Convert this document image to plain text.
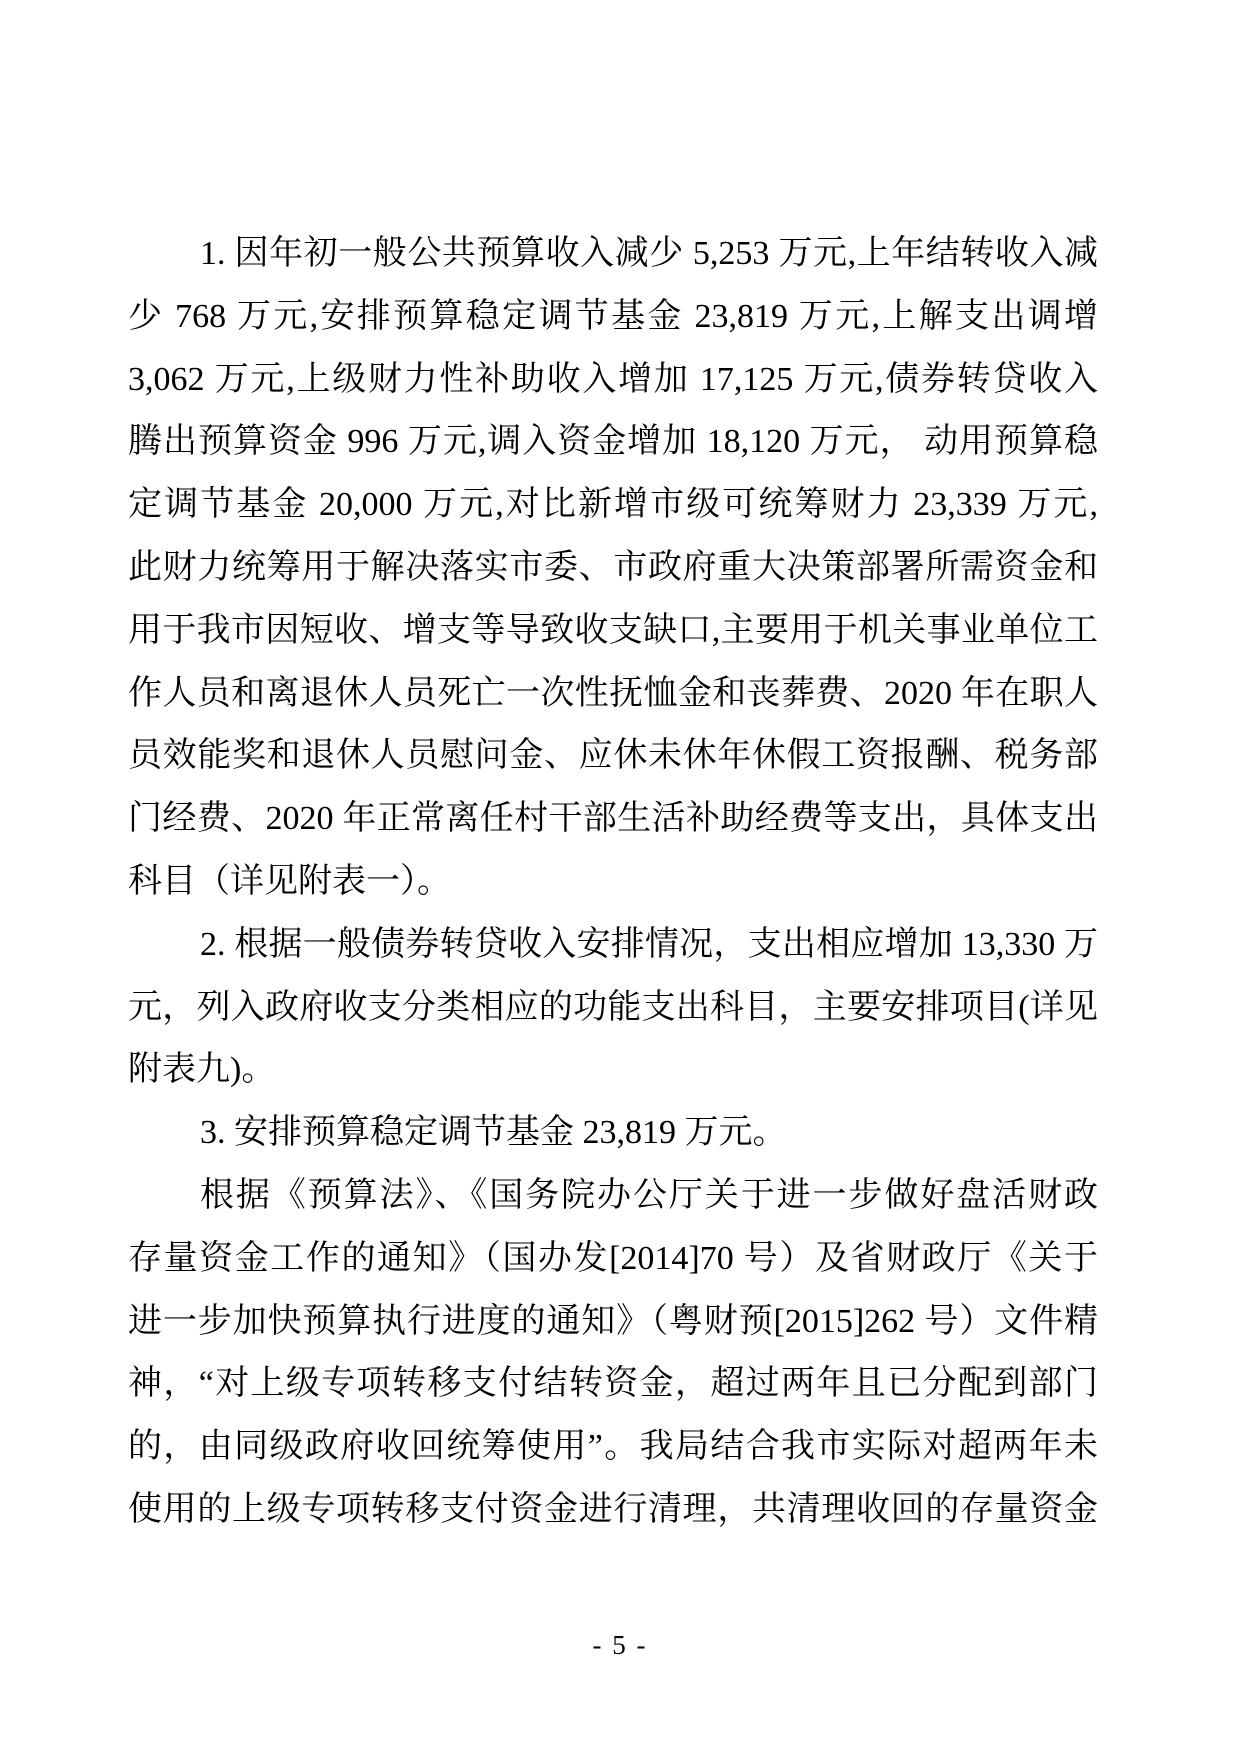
1. 因年初一般公共预算收入减少 5,253 万元,上年结转收入减
少 768 万元,安排预算稳定调节基金 23,819 万元,上解支出调增
3,062 万元,上级财力性补助收入增加 17,125 万元,债券转贷收入
腾出预算资金 996 万元,调入资金增加 18,120 万元， 动用预算稳
定调节基金 20,000 万元,对比新增市级可统筹财力 23,339 万元,
此财力统筹用于解决落实市委、市政府重大决策部署所需资金和
用于我市因短收、增支等导致收支缺口,主要用于机关事业单位工
作人员和离退休人员死亡一次性抚恤金和丧葬费、2020 年在职人
员效能奖和退休人员慰问金、应休未休年休假工资报酬、税务部
门经费、2020 年正常离任村干部生活补助经费等支出，具体支出
科目（详见附表一）。
2. 根据一般债券转贷收入安排情况，支出相应增加 13,330 万
元，列入政府收支分类相应的功能支出科目，主要安排项目(详见
附表九)。
3. 安排预算稳定调节基金 23,819 万元。
根据《预算法》、《国务院办公厅关于进一步做好盘活财政
存量资金工作的通知》（国办发[2014]70 号）及省财政厅《关于
进一步加快预算执行进度的通知》（粤财预[2015]262 号）文件精
神，“对上级专项转移支付结转资金，超过两年且已分配到部门
的，由同级政府收回统筹使用”。我局结合我市实际对超两年未
使用的上级专项转移支付资金进行清理，共清理收回的存量资金
- 5 -
